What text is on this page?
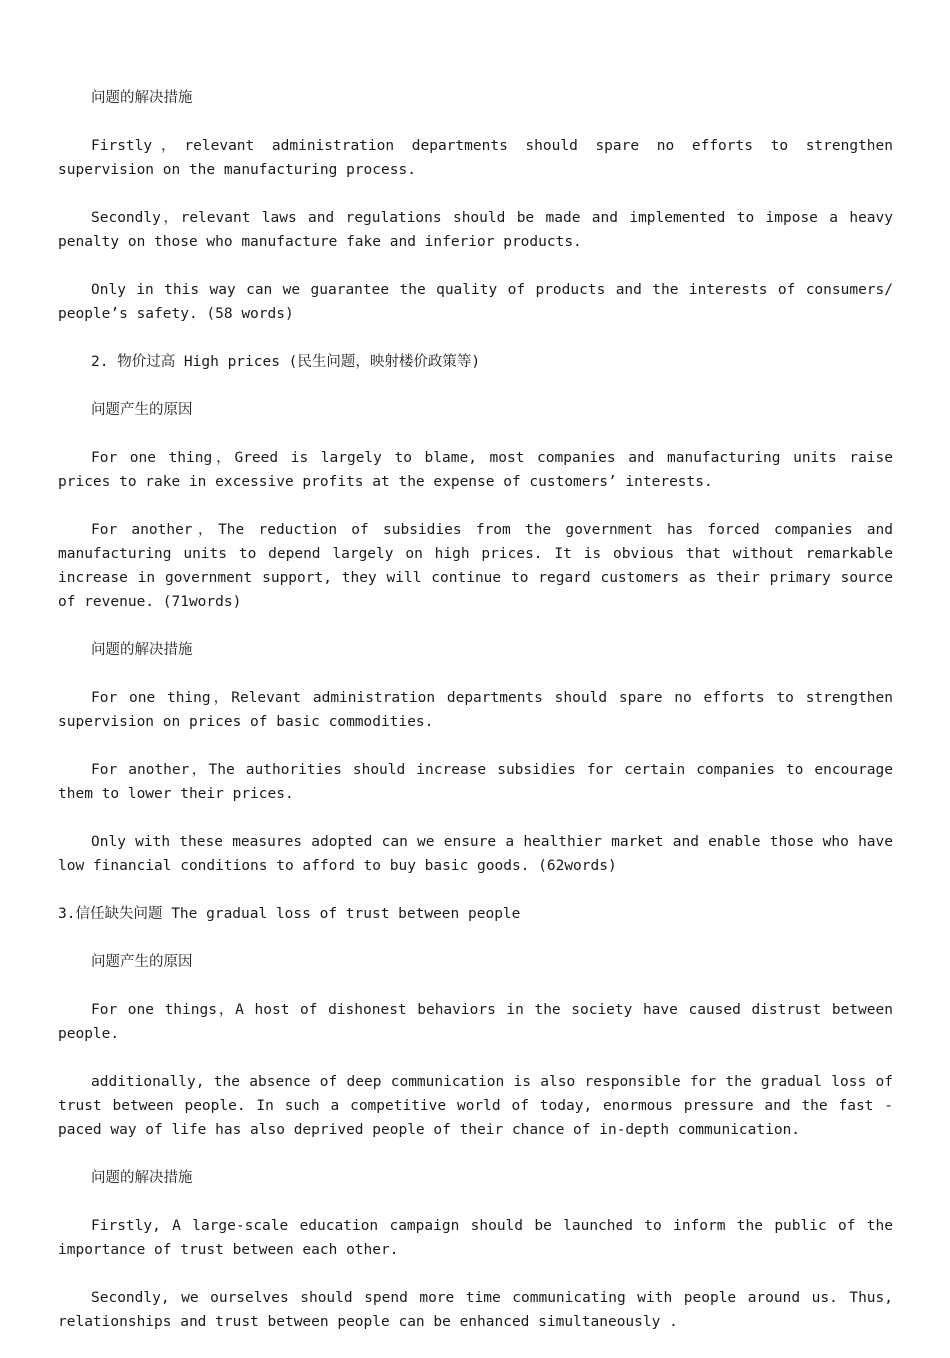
问题的解决措施

Firstly，relevant administration departments should spare no efforts to strengthen supervision on the manufacturing process.

Secondly，relevant laws and regulations should be made and implemented to impose a heavy penalty on those who manufacture fake and inferior products.

Only in this way can we guarantee the quality of products and the interests of consumers/ people’s safety. (58 words)

2. 物价过高 High prices (民生问题，映射楼价政策等)

问题产生的原因

For one thing，Greed is largely to blame, most companies and manufacturing units raise prices to rake in excessive profits at the expense of customers’ interests.

For another，The reduction of subsidies from the government has forced companies and manufacturing units to depend largely on high prices. It is obvious that without remarkable increase in government support, they will continue to regard customers as their primary source of revenue. (71words)

问题的解决措施

For one thing，Relevant administration departments should spare no efforts to strengthen supervision on prices of basic commodities.

For another，The authorities should increase subsidies for certain companies to encourage them to lower their prices.

Only with these measures adopted can we ensure a healthier market and enable those who have low financial conditions to afford to buy basic goods. (62words)

3.信任缺失问题 The gradual loss of trust between people

问题产生的原因

For one things，A host of dishonest behaviors in the society have caused distrust between people.

additionally, the absence of deep communication is also responsible for the gradual loss of trust between people. In such a competitive world of today, enormous pressure and the fast -paced way of life has also deprived people of their chance of in-depth communication.

问题的解决措施

Firstly, A large-scale education campaign should be launched to inform the public of the importance of trust between each other.

Secondly, we ourselves should spend more time communicating with people around us. Thus, relationships and trust between people can be enhanced simultaneously .
